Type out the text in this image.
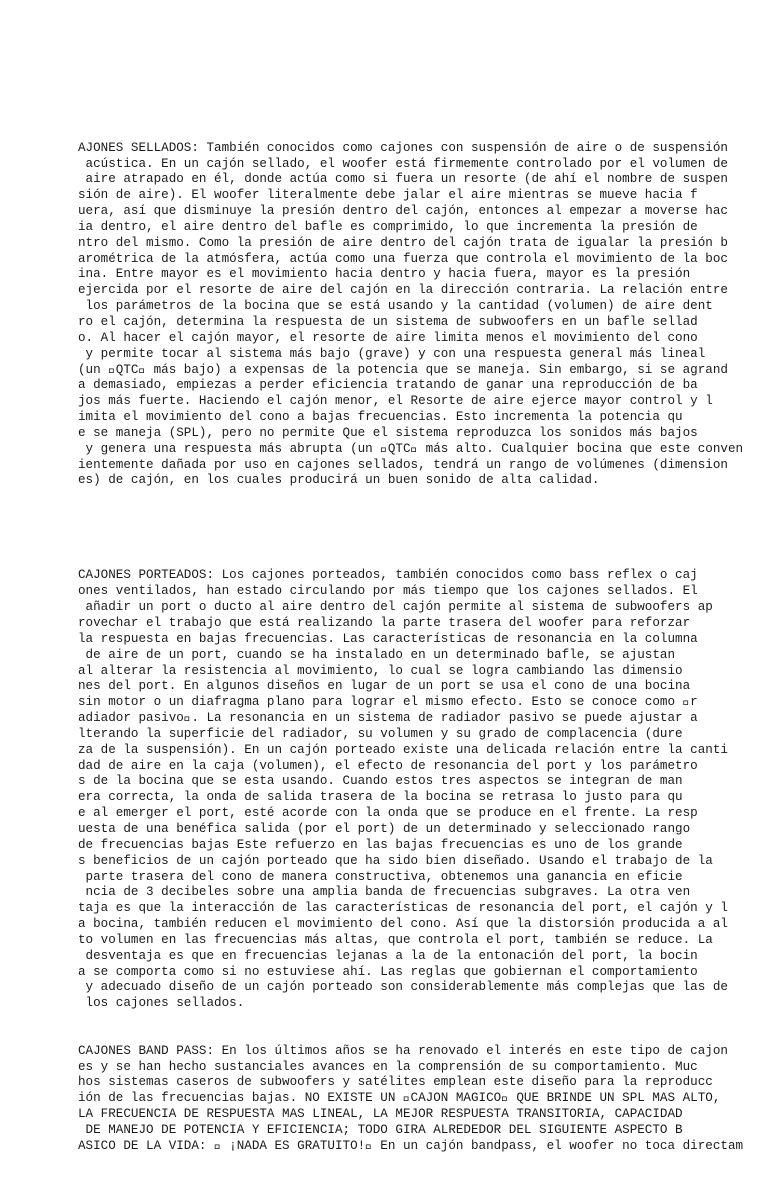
AJONES SELLADOS: También conocidos como cajones con suspensión de aire o de suspensión
acústica. En un cajón sellado, el woofer está firmemente controlado por el volumen de
aire atrapado en él, donde actúa como si fuera un resorte (de ahí el nombre de suspen
sión de aire). El woofer literalmente debe jalar el aire mientras se mueve hacia f
uera, así que disminuye la presión dentro del cajón, entonces al empezar a moverse hac
ia dentro, el aire dentro del bafle es comprimido, lo que incrementa la presión de
ntro del mismo. Como la presión de aire dentro del cajón trata de igualar la presión b
arométrica de la atmósfera, actúa como una fuerza que controla el movimiento de la boc
ina. Entre mayor es el movimiento hacia dentro y hacia fuera, mayor es la presión
ejercida por el resorte de aire del cajón en la dirección contraria. La relación entre
los parámetros de la bocina que se está usando y la cantidad (volumen) de aire dent
ro el cajón, determina la respuesta de un sistema de subwoofers en un bafle sellad
o. Al hacer el cajón mayor, el resorte de aire limita menos el movimiento del cono
y permite tocar al sistema más bajo (grave) y con una respuesta general más lineal
(un  QTC  más bajo) a expensas de la potencia que se maneja. Sin embargo, si se agrand
a demasiado, empiezas a perder eficiencia tratando de ganar una reproducción de ba
jos más fuerte. Haciendo el cajón menor, el Resorte de aire ejerce mayor control y l
imita el movimiento del cono a bajas frecuencias. Esto incrementa la potencia qu
e se maneja (SPL), pero no permite Que el sistema reproduzca los sonidos más bajos
y genera una respuesta más abrupta (un  QTC  más alto. Cualquier bocina que este conven
ientemente dañada por uso en cajones sellados, tendrá un rango de volúmenes (dimension
es) de cajón, en los cuales producirá un buen sonido de alta calidad.

CAJONES PORTEADOS: Los cajones porteados, también conocidos como bass reflex o caj
ones ventilados, han estado circulando por más tiempo que los cajones sellados. El
añadir un port o ducto al aire dentro del cajón permite al sistema de subwoofers ap
rovechar el trabajo que está realizando la parte trasera del woofer para reforzar
la respuesta en bajas frecuencias. Las características de resonancia en la columna
de aire de un port, cuando se ha instalado en un determinado bafle, se ajustan
al alterar la resistencia al movimiento, lo cual se logra cambiando las dimensio
nes del port. En algunos diseños en lugar de un port se usa el cono de una bocina
sin motor o un diafragma plano para lograr el mismo efecto. Esto se conoce como  r
adiador pasivo . La resonancia en un sistema de radiador pasivo se puede ajustar a
lterando la superficie del radiador, su volumen y su grado de complacencia (dure
za de la suspensión). En un cajón porteado existe una delicada relación entre la canti
dad de aire en la caja (volumen), el efecto de resonancia del port y los parámetro
s de la bocina que se esta usando. Cuando estos tres aspectos se integran de man
era correcta, la onda de salida trasera de la bocina se retrasa lo justo para qu
e al emerger el port, esté acorde con la onda que se produce en el frente. La resp
uesta de una benéfica salida (por el port) de un determinado y seleccionado rango
de frecuencias bajas Este refuerzo en las bajas frecuencias es uno de los grande
s beneficios de un cajón porteado que ha sido bien diseñado. Usando el trabajo de la
parte trasera del cono de manera constructiva, obtenemos una ganancia en eficie
ncia de 3 decibeles sobre una amplia banda de frecuencias subgraves. La otra ven
taja es que la interacción de las características de resonancia del port, el cajón y l
a bocina, también reducen el movimiento del cono. Así que la distorsión producida a al
to volumen en las frecuencias más altas, que controla el port, también se reduce. La
desventaja es que en frecuencias lejanas a la de la entonación del port, la bocin
a se comporta como si no estuviese ahí. Las reglas que gobiernan el comportamiento
y adecuado diseño de un cajón porteado son considerablemente más complejas que las de
los cajones sellados.

CAJONES BAND PASS: En los últimos años se ha renovado el interés en este tipo de cajon
es y se han hecho sustanciales avances en la comprensión de su comportamiento. Muc
hos sistemas caseros de subwoofers y satélites emplean este diseño para la reproducc
ión de las frecuencias bajas. NO EXISTE UN  CAJON MAGICO  QUE BRINDE UN SPL MAS ALTO,
LA FRECUENCIA DE RESPUESTA MAS LINEAL, LA MEJOR RESPUESTA TRANSITORIA, CAPACIDAD
DE MANEJO DE POTENCIA Y EFICIENCIA; TODO GIRA ALREDEDOR DEL SIGUIENTE ASPECTO B
ASICO DE LA VIDA:   ¡NADA ES GRATUITO!  En un cajón bandpass, el woofer no toca directam
